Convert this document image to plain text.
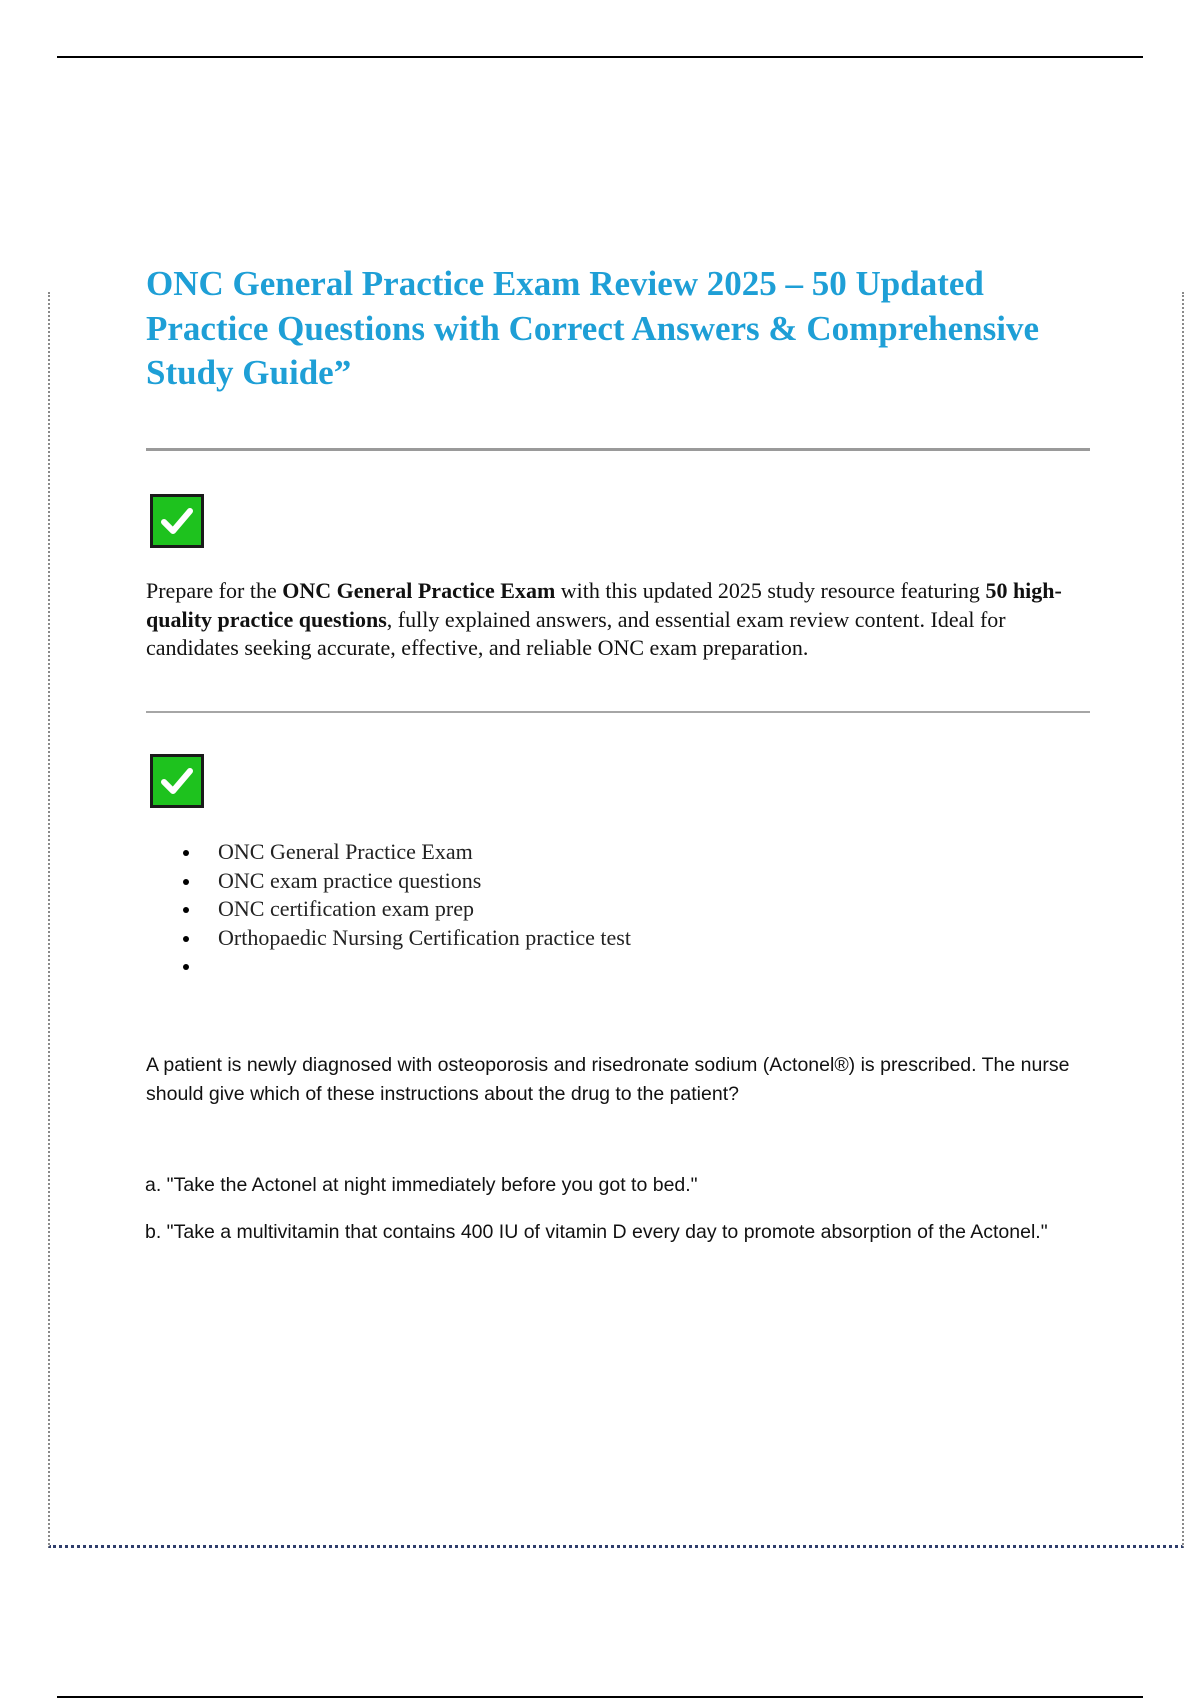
ONC General Practice Exam Review 2025 – 50 Updated Practice Questions with Correct Answers & Comprehensive Study Guide”

Prepare for the ONC General Practice Exam with this updated 2025 study resource featuring 50 high-quality practice questions, fully explained answers, and essential exam review content. Ideal for candidates seeking accurate, effective, and reliable ONC exam preparation.

ONC General Practice Exam
ONC exam practice questions
ONC certification exam prep
Orthopaedic Nursing Certification practice test

A patient is newly diagnosed with osteoporosis and risedronate sodium (Actonel®) is prescribed. The nurse should give which of these instructions about the drug to the patient?

a. "Take the Actonel at night immediately before you got to bed."

b. "Take a multivitamin that contains 400 IU of vitamin D every day to promote absorption of the Actonel."
